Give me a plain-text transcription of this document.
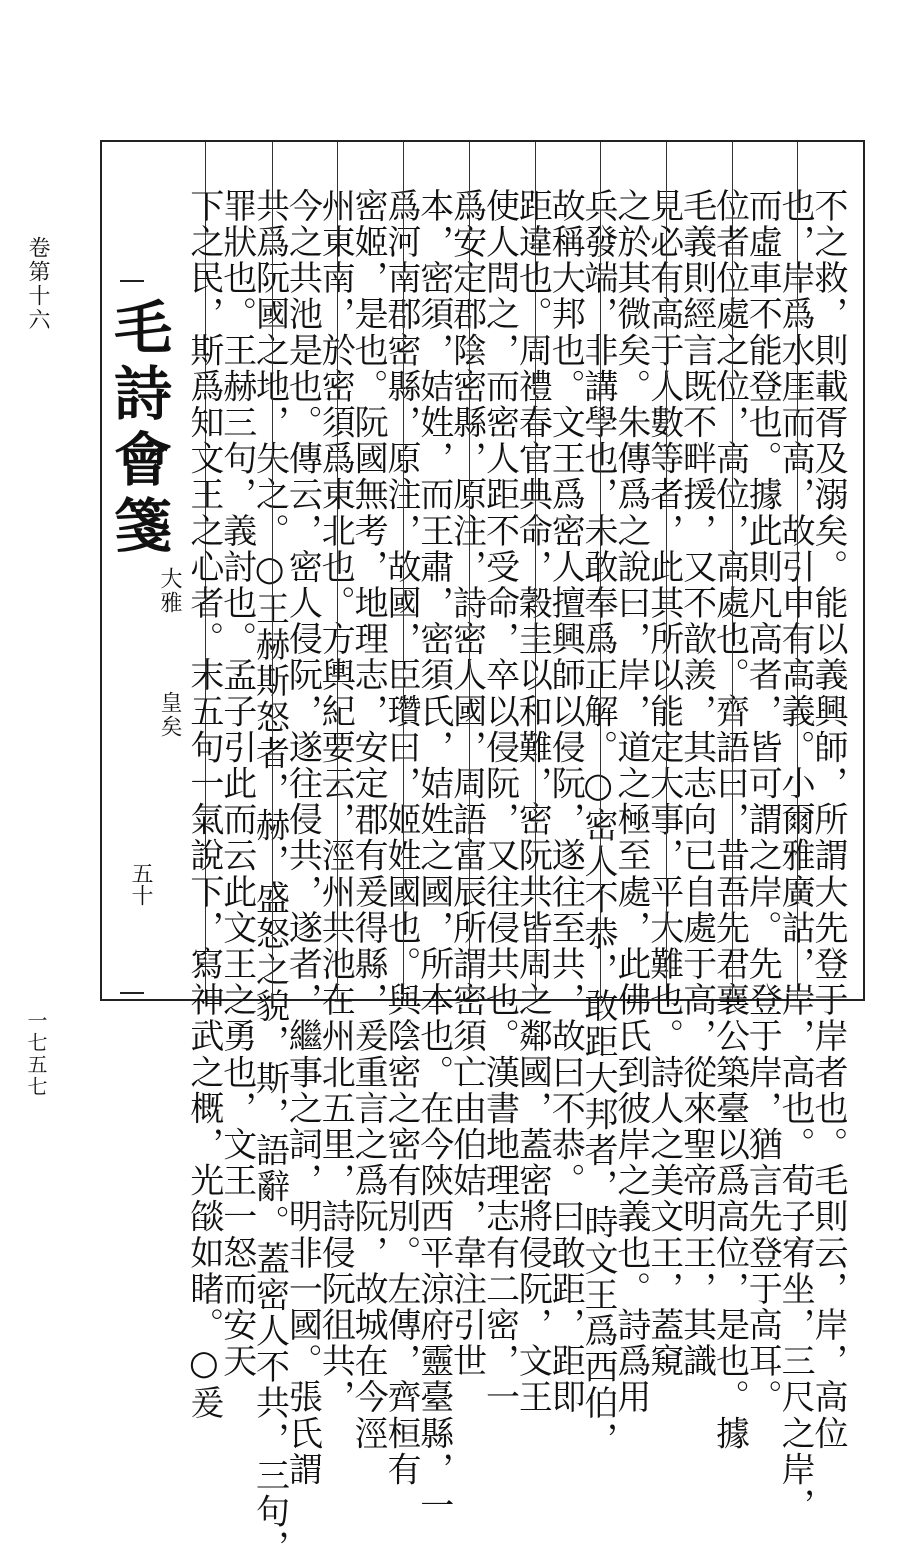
卷第十六
一七五七
毛詩會箋
大雅  皇矣
五十	不之救，則載胥及溺矣。能以義興師，所謂大先登于岸者也。毛則云，岸，高位
也，岸爲水厓而高，故引申有高義。小爾雅廣詁，岸，高也。荀子宥坐，三尺之岸，
而虛車不能登也。據此則凡高者，皆可謂之岸。先登于岸，猶言先登于高耳。
位者位處之位，高位，高處也。齊語曰，昔吾先君襄公築臺以爲高位，是也。據
毛義則經言既不畔援，又不歆羨，其志向已自處于高，從來聖帝明王，其識
見必有高于人數等者，此其所以能定大事，平大難也。詩人之美文王，蓋窺
之於其微矣。朱傳爲之說曰，岸，道之極至處，此佛氏到彼岸之義也。詩爲用
兵發端，非講學也，未敢奉爲正解。○密人不恭，敢距大邦者，時文王爲西伯，
故稱大邦也。文王爲密人擅興師以侵阮，遂往至共，故曰不恭。曰敢距，距即
距違也。周禮春官典命，穀圭以和難，密阮共皆周之鄰國，蓋密將侵阮，文王
使人問之，而密人距不受命，卒以侵阮，又往侵共也。漢書地理志有二密，一
爲安定郡陰密縣，原注，詩密人國，周語富辰所謂密須亡由伯姞，韋注引世
本，密須，姞姓，而王肅，密須氏，姞姓之國，所本也。在今陝西平涼府靈臺縣，一
爲河南郡密縣，原注，故國，臣瓚曰，姬姓國也。與陰密之密有別。左傳，齊桓有
密姬，是也。阮國無考，地理志，安定郡有爰得縣，爰重言之爲阮，故城在今涇
州東南，於密須爲東北也。方輿紀要云，涇州共池在州北五里，詩侵阮徂共，
今之共池是也。傳云，密人侵阮，遂往侵共，遂者，繼事之詞，明非一國。張氏謂
共爲阮國之地，失之。○王赫斯怒者，赫，盛怒之貌，斯，語辭。蓋密人不共，三句，
罪狀也。王赫三句，義討也。孟子引此而云此文王之勇也，文王一怒而安天
下之民，斯爲知文王之心者。末五句一氣說下，寫神武之概，光燄如睹。○爰
